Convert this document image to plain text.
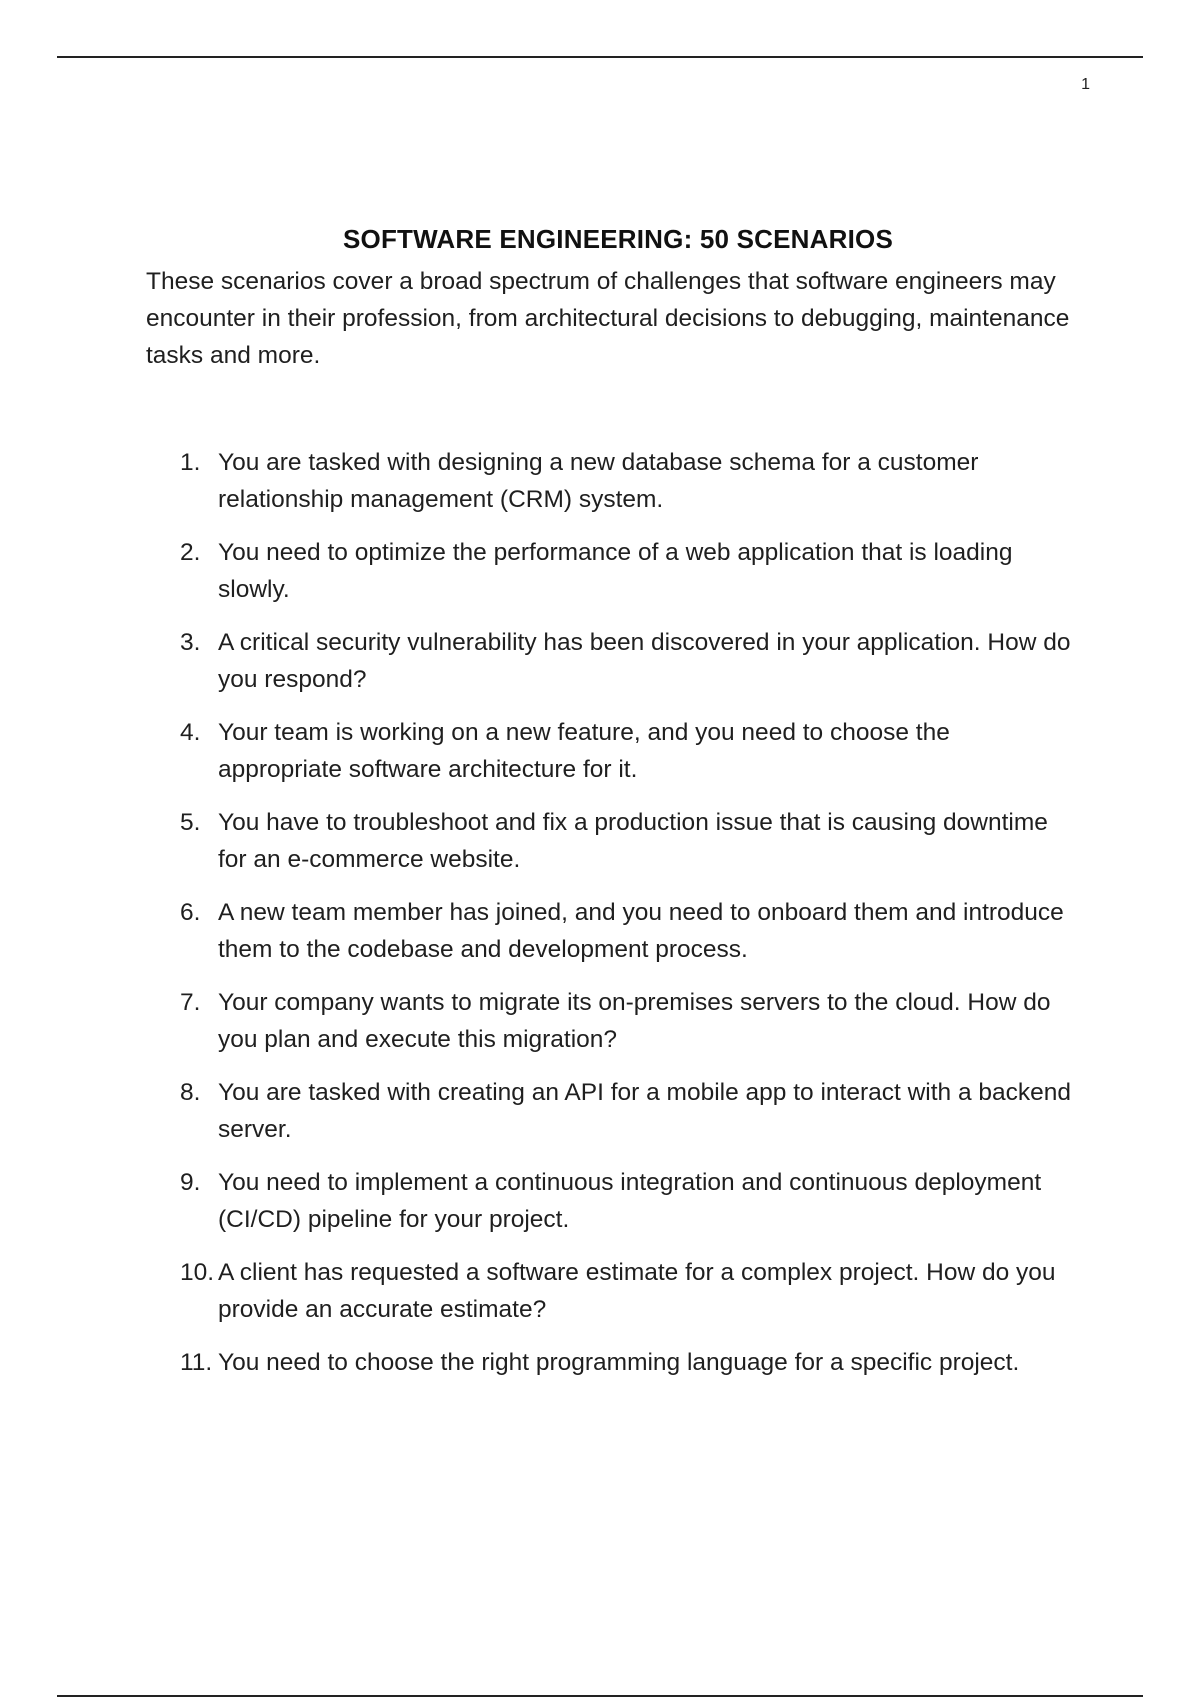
1
SOFTWARE ENGINEERING: 50 SCENARIOS

These scenarios cover a broad spectrum of challenges that software engineers may encounter in their profession, from architectural decisions to debugging, maintenance tasks and more.

1. You are tasked with designing a new database schema for a customer relationship management (CRM) system.
2. You need to optimize the performance of a web application that is loading slowly.
3. A critical security vulnerability has been discovered in your application. How do you respond?
4. Your team is working on a new feature, and you need to choose the appropriate software architecture for it.
5. You have to troubleshoot and fix a production issue that is causing downtime for an e-commerce website.
6. A new team member has joined, and you need to onboard them and introduce them to the codebase and development process.
7. Your company wants to migrate its on-premises servers to the cloud. How do you plan and execute this migration?
8. You are tasked with creating an API for a mobile app to interact with a backend server.
9. You need to implement a continuous integration and continuous deployment (CI/CD) pipeline for your project.
10. A client has requested a software estimate for a complex project. How do you provide an accurate estimate?
11. You need to choose the right programming language for a specific project.
